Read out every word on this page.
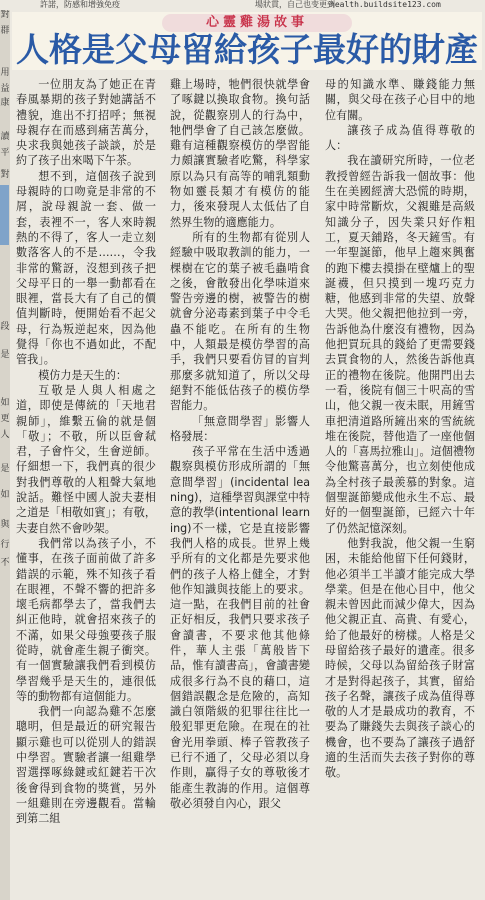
許諾，防感和增強免疫	場狀貫，自己也变更到
health.buildsite123.com
對
群
用
益
康
讀
平
對
段
是
如
更
人
是
如
與
行
不
心靈雞湯故事
人格是父母留給孩子最好的財產

一位朋友為了她正在青春風暴期的孩子對她講話不禮貌，進出不打招呼；無視母親存在而感到痛苦萬分，央求我與她孩子談談，於是約了孩子出來喝下午茶。

想不到，這個孩子說到母親時的口吻竟是非常的不屑，說母親說一套、做一套，表裡不一，客人來時親熱的不得了，客人一走立刻數落客人的不是……，令我非常的驚訝，沒想到孩子把父母平日的一舉一動都看在眼裡，當長大有了自己的價值判斷時，便開始看不起父母，行為叛逆起來，因為他覺得「你也不過如此，不配管我」。

模仿力是天生的：

互敬是人與人相處之道，即使是傳統的「天地君親師」，維繫五倫的就是個「敬」；不敬，所以臣會弒君，子會忤父，生會逆師。仔細想一下，我們真的很少對我們尊敬的人粗聲大氣地說話。難怪中國人說夫妻相之道是「相敬如賓」；有敬，夫妻自然不會吵架。

我們常以為孩子小，不懂事，在孩子面前做了許多錯誤的示範，殊不知孩子看在眼裡，不聲不響的把許多壞毛病都學去了，當我們去糾正他時，就會招來孩子的不滿，如果父母強要孩子服從時，就會產生親子衝突。有一個實驗讓我們看到模仿學習幾乎是天生的，連很低等的動物都有這個能力。

我們一向認為雞不怎麼聰明，但是最近的研究報告顯示雞也可以從別人的錯誤中學習。實驗者讓一組雞學習選擇啄綠鍵或紅鍵若干次後會得到食物的獎賞，另外一組雞則在旁邊觀看。當輪到第二組

雞上場時，牠們很快就學會了啄鍵以換取食物。換句話說，從觀察別人的行為中，牠們學會了自己該怎麼做。雞有這種觀察模仿的學習能力頗讓實驗者吃驚，科學家原以為只有高等的哺乳類動物如靈長類才有模仿的能力，後來發現人太低估了自然界生物的適應能力。

所有的生物都有從別人經驗中吸取教訓的能力，一棵樹在它的葉子被毛蟲啃食之後，會散發出化學味道來警告旁邊的樹，被警告的樹就會分泌毒素到葉子中令毛蟲不能吃。在所有的生物中，人類最是模仿學習的高手，我們只要看仿冒的盲判那麼多就知道了，所以父母絕對不能低估孩子的模仿學習能力。

「無意間學習」影響人格發展：

孩子平常在生活中透過觀察與模仿形成所謂的「無意間學習」(incidental leaning)，這種學習與課堂中特意的教學(intentional learning)不一樣，它是直接影響我們人格的成長。世界上幾乎所有的文化都是先要求他們的孩子人格上健全，才對他作知識與技能上的要求。這一點，在我們目前的社會正好相反，我們只要求孩子會讀書，不要求他其他條件，華人主張「萬般皆下品，惟有讀書高」，會讀書變成很多行為不良的藉口，這個錯誤觀念是危險的，高知識白領階級的犯罪往往比一般犯罪更危險。在現在的社會光用拳頭、棒子管教孩子已行不通了，父母必須以身作則，贏得子女的尊敬後才能產生教誨的作用。這個尊敬必須發自內心，跟父

母的知識水準、賺錢能力無關，與父母在孩子心目中的地位有關。

讓孩子成為值得尊敬的人：

我在讀研究所時，一位老教授曾經告訴我一個故事：他生在美國經濟大恐慌的時期，家中時常斷炊，父親雖是高級知識分子，因失業只好作粗工，夏天鋪路，冬天鏟雪。有一年聖誕節，他早上趨來興奮的跑下樓去摸掛在壁爐上的聖誕襪，但只摸到一塊巧克力糖，他感到非常的失望、放聲大哭。他父親把他拉到一旁，告訴他為什麼沒有禮物，因為他把買玩具的錢給了更需要錢去買食物的人，然後告訴他真正的禮物在後院。他開門出去一看，後院有個三十呎高的雪山，他父親一夜未眠，用鏟雪車把清道路所鏟出來的雪統統堆在後院，替他造了一座他個人的「喜馬拉雅山」。這個禮物令他驚喜萬分，也立刻使他成為全村孩子最羨慕的對象。這個聖誕節變成他永生不忘、最好的一個聖誕節，已經六十年了仍然記憶深刻。

他對我說，他父親一生窮困，未能給他留下任何錢財，他必須半工半讀才能完成大學學業。但是在他心目中，他父親未曾因此而減少偉大，因為他父親正直、高貴、有愛心，給了他最好的榜樣。人格是父母留給孩子最好的遺產。很多時候，父母以為留給孩子財富才是對得起孩子，其實，留給孩子名聲，讓孩子成為值得尊敬的人才是最成功的教育，不要為了賺錢失去與孩子談心的機會，也不要為了讓孩子過舒適的生活而失去孩子對你的尊敬。
